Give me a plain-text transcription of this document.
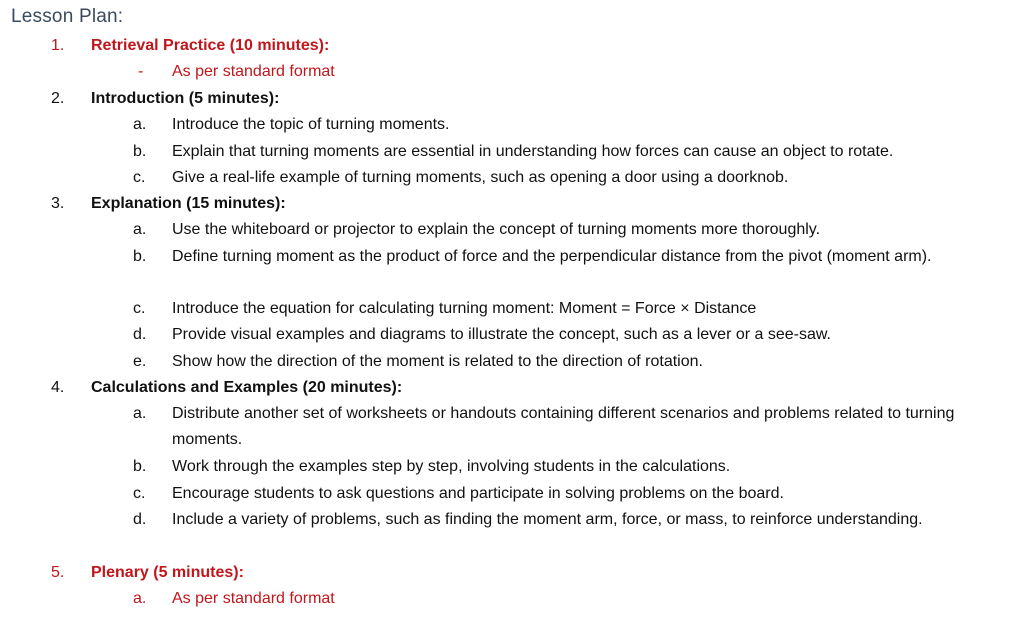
Lesson Plan:
1. Retrieval Practice (10 minutes):
- As per standard format
2. Introduction (5 minutes):
a. Introduce the topic of turning moments.
b. Explain that turning moments are essential in understanding how forces can cause an object to rotate.
c. Give a real-life example of turning moments, such as opening a door using a doorknob.
3. Explanation (15 minutes):
a. Use the whiteboard or projector to explain the concept of turning moments more thoroughly.
b. Define turning moment as the product of force and the perpendicular distance from the pivot (moment arm).
c. Introduce the equation for calculating turning moment: Moment = Force × Distance
d. Provide visual examples and diagrams to illustrate the concept, such as a lever or a see-saw.
e. Show how the direction of the moment is related to the direction of rotation.
4. Calculations and Examples (20 minutes):
a. Distribute another set of worksheets or handouts containing different scenarios and problems related to turning moments.
b. Work through the examples step by step, involving students in the calculations.
c. Encourage students to ask questions and participate in solving problems on the board.
d. Include a variety of problems, such as finding the moment arm, force, or mass, to reinforce understanding.
5. Plenary (5 minutes):
a. As per standard format
